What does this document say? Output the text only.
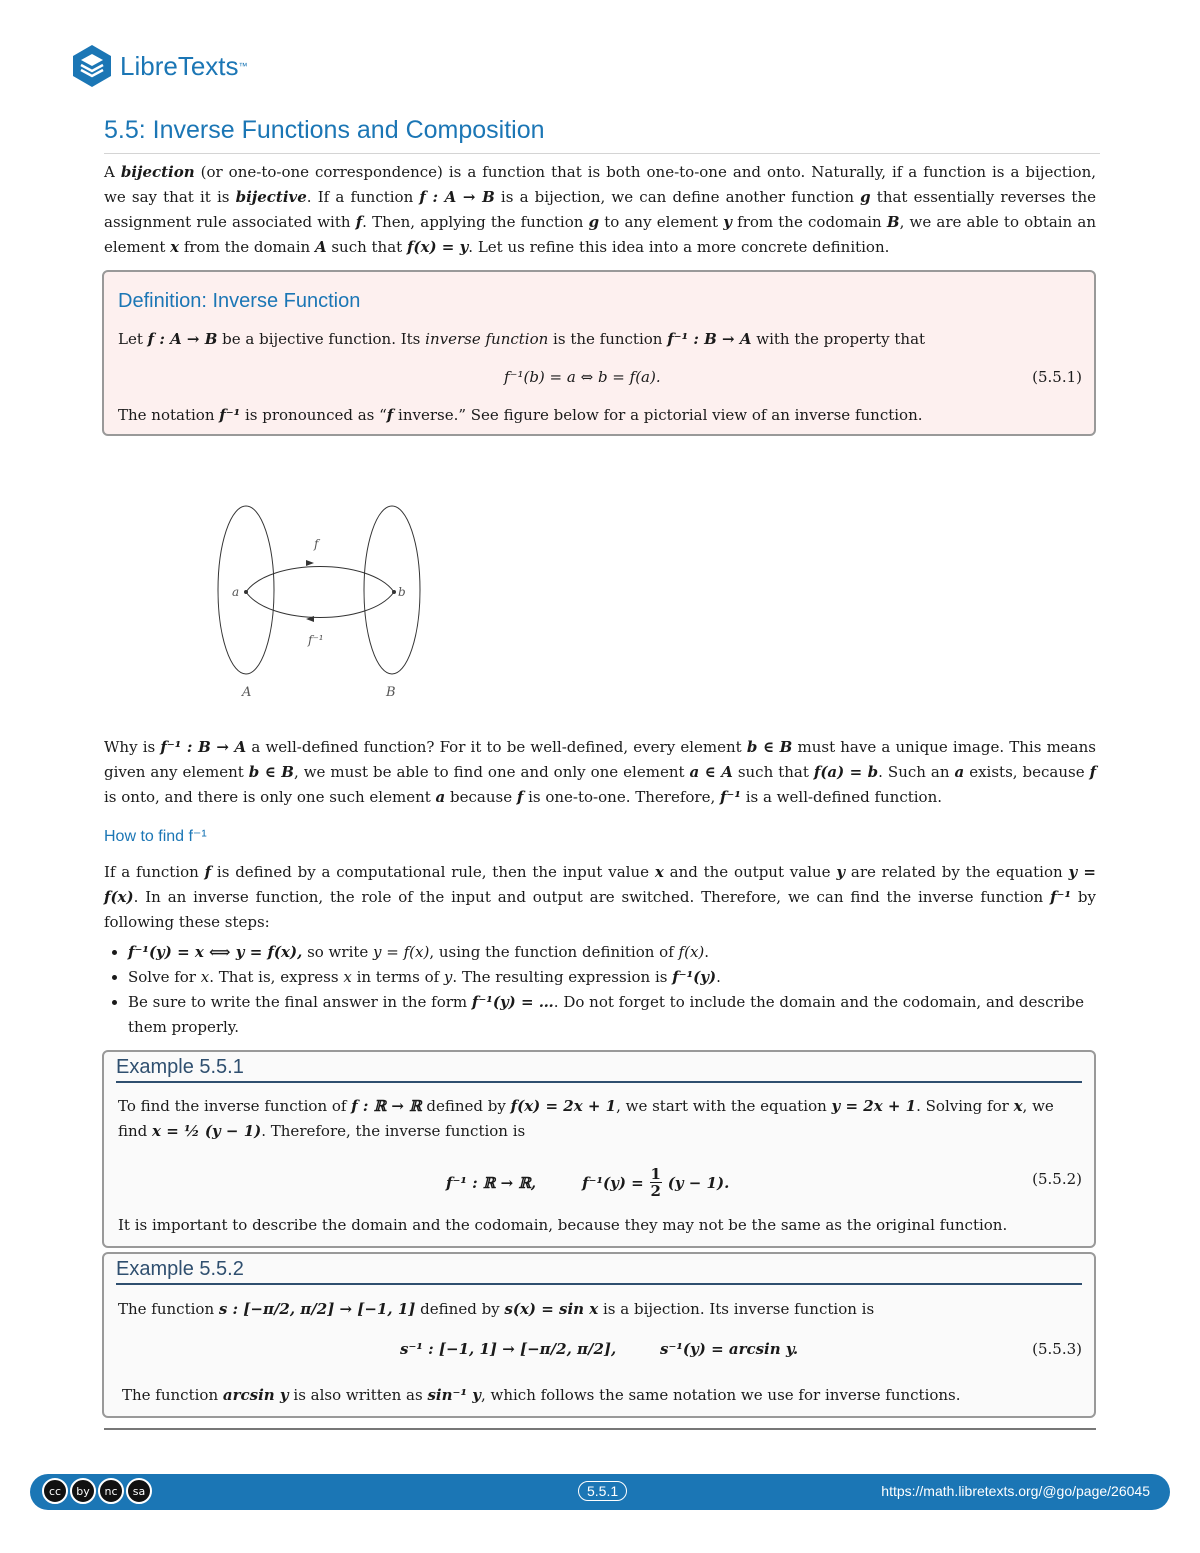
LibreTexts ™
5.5: Inverse Functions and Composition

A bijection (or one-to-one correspondence) is a function that is both one-to-one and onto. Naturally, if a function is a bijection, we say that it is bijective. If a function f : A → B is a bijection, we can define another function g that essentially reverses the assignment rule associated with f. Then, applying the function g to any element y from the codomain B, we are able to obtain an element x from the domain A such that f(x) = y. Let us refine this idea into a more concrete definition.

Definition: Inverse Function

Let f : A → B be a bijective function. Its inverse function is the function f⁻¹ : B → A with the property that

f⁻¹(b) = a ⇔ b = f(a).	(5.5.1)

The notation f⁻¹ is pronounced as “f inverse.” See figure below for a pictorial view of an inverse function.

a	b
f
f⁻¹
A	B

Why is f⁻¹ : B → A a well-defined function? For it to be well-defined, every element b ∈ B must have a unique image. This means given any element b ∈ B, we must be able to find one and only one element a ∈ A such that f(a) = b. Such an a exists, because f is onto, and there is only one such element a because f is one-to-one. Therefore, f⁻¹ is a well-defined function.

How to find f⁻¹

If a function f is defined by a computational rule, then the input value x and the output value y are related by the equation y = f(x). In an inverse function, the role of the input and output are switched. Therefore, we can find the inverse function f⁻¹ by following these steps:

• f⁻¹(y) = x ⟺ y = f(x), so write y = f(x), using the function definition of f(x).
• Solve for x. That is, express x in terms of y. The resulting expression is f⁻¹(y).
• Be sure to write the final answer in the form f⁻¹(y) = …. Do not forget to include the domain and the codomain, and describe them properly.
Example 5.5.1

To find the inverse function of f : ℝ → ℝ defined by f(x) = 2x + 1, we start with the equation y = 2x + 1. Solving for x, we find x = ½ (y − 1). Therefore, the inverse function is

f⁻¹ : ℝ → ℝ,	f⁻¹(y) = 1
2 (y − 1).	(5.5.2)

It is important to describe the domain and the codomain, because they may not be the same as the original function.

Example 5.5.2

The function s : [−π/2, π/2] → [−1, 1] defined by s(x) = sin x is a bijection. Its inverse function is

s⁻¹ : [−1, 1] → [−π/2, π/2],	s⁻¹(y) = arcsin y.	(5.5.3)

The function arcsin y is also written as sin⁻¹ y, which follows the same notation we use for inverse functions.

cc	by	nc	sa	5.5.1	https://math.libretexts.org/@go/page/26045
